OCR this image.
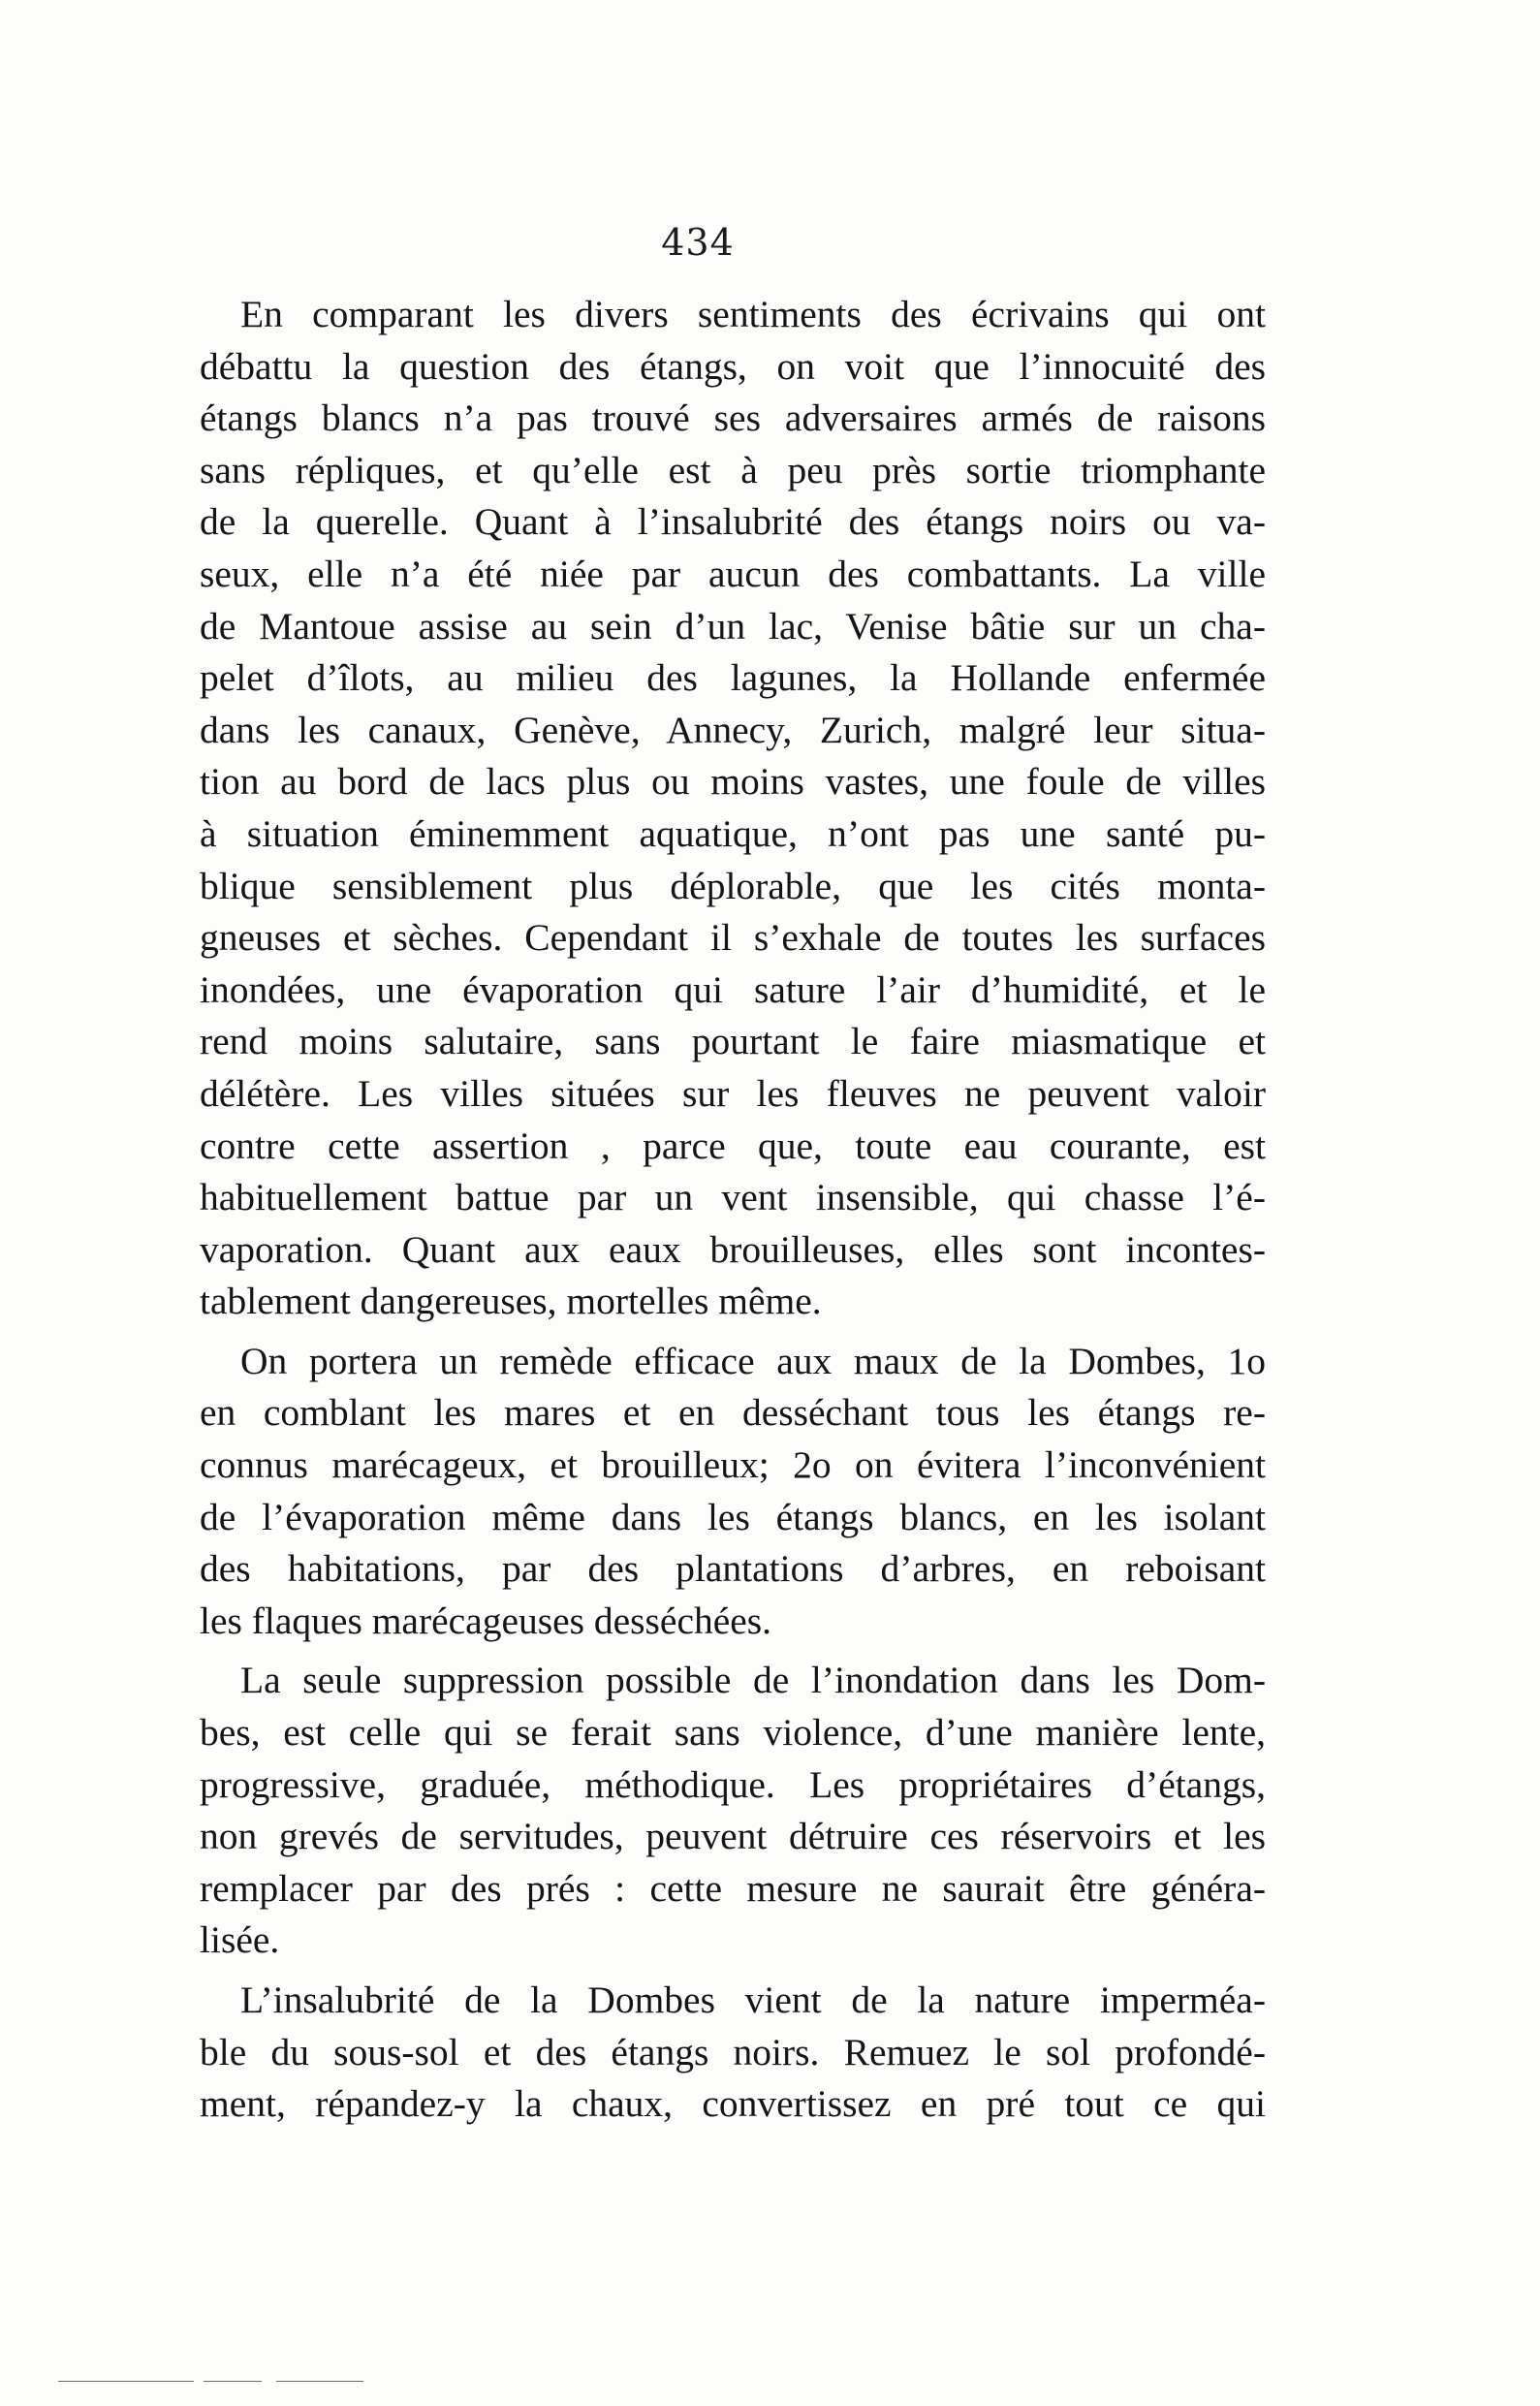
434
En comparant les divers sentiments des écrivains qui ont
débattu la question des étangs, on voit que l’innocuité des
étangs blancs n’a pas trouvé ses adversaires armés de raisons
sans répliques, et qu’elle est à peu près sortie triomphante
de la querelle. Quant à l’insalubrité des étangs noirs ou va-
seux, elle n’a été niée par aucun des combattants. La ville
de Mantoue assise au sein d’un lac, Venise bâtie sur un cha-
pelet d’îlots, au milieu des lagunes, la Hollande enfermée
dans les canaux, Genève, Annecy, Zurich, malgré leur situa-
tion au bord de lacs plus ou moins vastes, une foule de villes
à situation éminemment aquatique, n’ont pas une santé pu-
blique sensiblement plus déplorable, que les cités monta-
gneuses et sèches. Cependant il s’exhale de toutes les surfaces
inondées, une évaporation qui sature l’air d’humidité, et le
rend moins salutaire, sans pourtant le faire miasmatique et
délétère. Les villes situées sur les fleuves ne peuvent valoir
contre cette assertion , parce que, toute eau courante, est
habituellement battue par un vent insensible, qui chasse l’é-
vaporation. Quant aux eaux brouilleuses, elles sont incontes-
tablement dangereuses, mortelles même.
On portera un remède efficace aux maux de la Dombes, 1o
en comblant les mares et en desséchant tous les étangs re-
connus marécageux, et brouilleux; 2o on évitera l’inconvénient
de l’évaporation même dans les étangs blancs, en les isolant
des habitations, par des plantations d’arbres, en reboisant
les flaques marécageuses desséchées.
La seule suppression possible de l’inondation dans les Dom-
bes, est celle qui se ferait sans violence, d’une manière lente,
progressive, graduée, méthodique. Les propriétaires d’étangs,
non grevés de servitudes, peuvent détruire ces réservoirs et les
remplacer par des prés : cette mesure ne saurait être généra-
lisée.
L’insalubrité de la Dombes vient de la nature imperméa-
ble du sous-sol et des étangs noirs. Remuez le sol profondé-
ment, répandez-y la chaux, convertissez en pré tout ce qui
